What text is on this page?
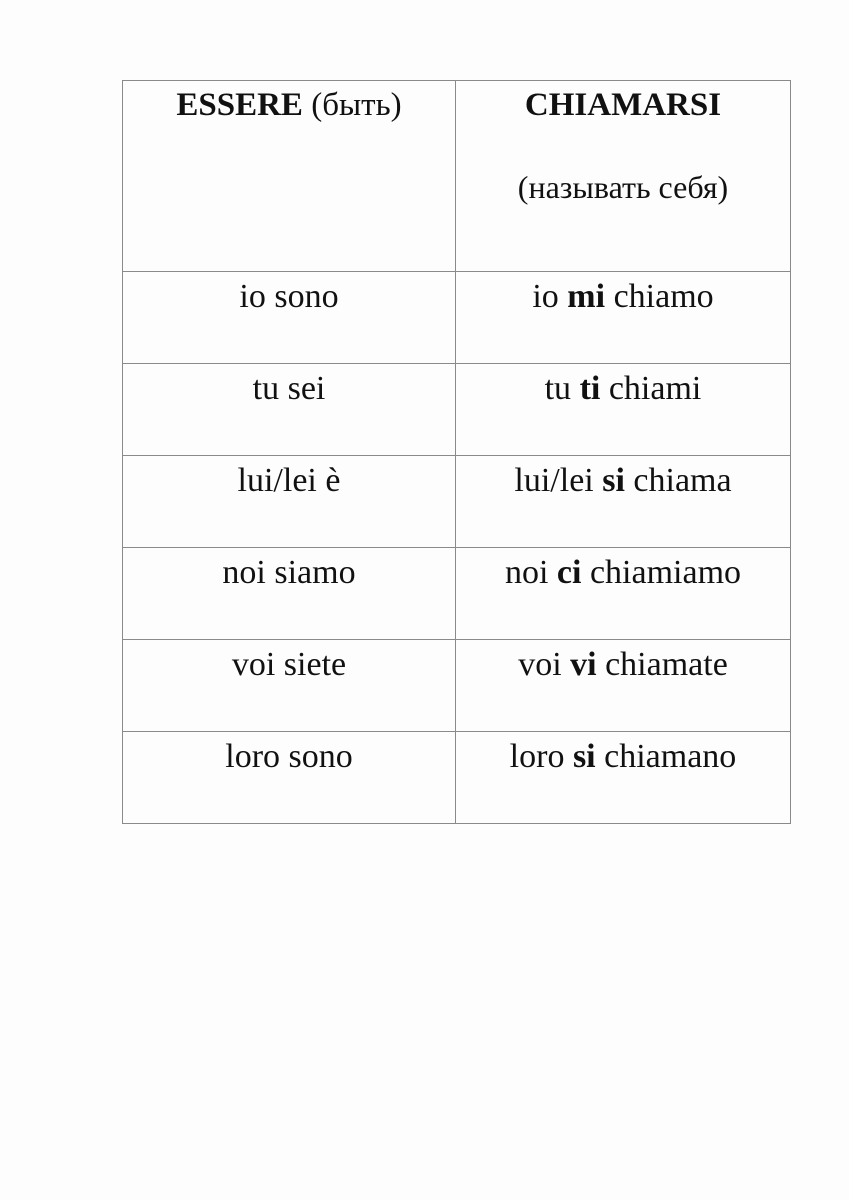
ESSERE (быть)	CHIAMARSI
(называть себя)

io sono	io mi chiamo
tu sei	tu ti chiami
lui/lei è	lui/lei si chiama
noi siamo	noi ci chiamiamo
voi siete	voi vi chiamate
loro sono	loro si chiamano
